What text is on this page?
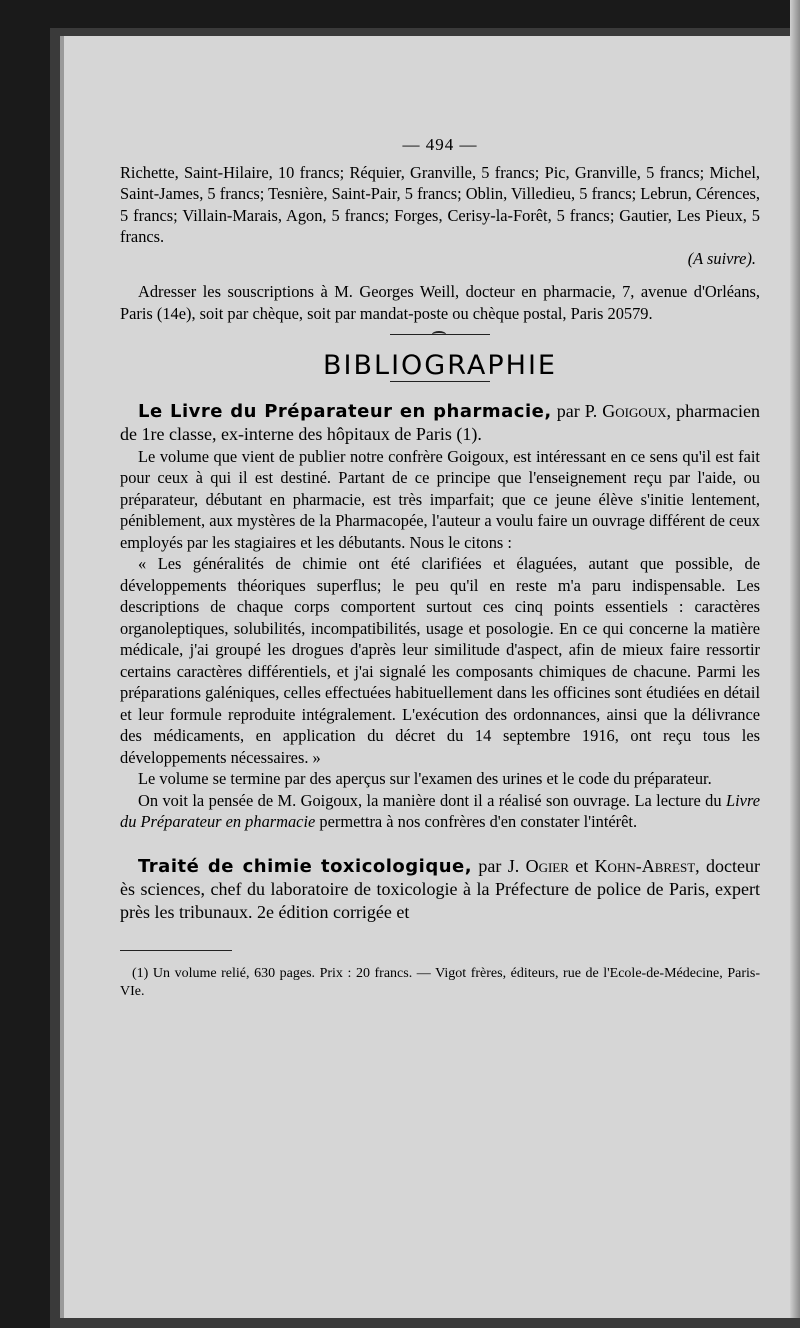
— 494 —

Richette, Saint-Hilaire, 10 francs; Réquier, Granville, 5 francs; Pic, Granville, 5 francs; Michel, Saint-James, 5 francs; Tesnière, Saint-Pair, 5 francs; Oblin, Villedieu, 5 francs; Lebrun, Cérences, 5 francs; Villain-Marais, Agon, 5 francs; Forges, Cerisy-la-Forêt, 5 francs; Gautier, Les Pieux, 5 francs.

(A suivre).

Adresser les souscriptions à M. Georges Weill, docteur en pharmacie, 7, avenue d'Orléans, Paris (14e), soit par chèque, soit par mandat-poste ou chèque postal, Paris 20579.

BIBLIOGRAPHIE

Le Livre du Préparateur en pharmacie, par P. Goigoux, pharmacien de 1re classe, ex-interne des hôpitaux de Paris (1).

Le volume que vient de publier notre confrère Goigoux, est intéressant en ce sens qu'il est fait pour ceux à qui il est destiné. Partant de ce principe que l'enseignement reçu par l'aide, ou préparateur, débutant en pharmacie, est très imparfait; que ce jeune élève s'initie lentement, péniblement, aux mystères de la Pharmacopée, l'auteur a voulu faire un ouvrage différent de ceux employés par les stagiaires et les débutants. Nous le citons :

« Les généralités de chimie ont été clarifiées et élaguées, autant que possible, de développements théoriques superflus; le peu qu'il en reste m'a paru indispensable. Les descriptions de chaque corps comportent surtout ces cinq points essentiels : caractères organoleptiques, solubilités, incompatibilités, usage et posologie. En ce qui concerne la matière médicale, j'ai groupé les drogues d'après leur similitude d'aspect, afin de mieux faire ressortir certains caractères différentiels, et j'ai signalé les composants chimiques de chacune. Parmi les préparations galéniques, celles effectuées habituellement dans les officines sont étudiées en détail et leur formule reproduite intégralement. L'exécution des ordonnances, ainsi que la délivrance des médicaments, en application du décret du 14 septembre 1916, ont reçu tous les développements nécessaires. »

Le volume se termine par des aperçus sur l'examen des urines et le code du préparateur.

On voit la pensée de M. Goigoux, la manière dont il a réalisé son ouvrage. La lecture du Livre du Préparateur en pharmacie permettra à nos confrères d'en constater l'intérêt.

Traité de chimie toxicologique, par J. Ogier et Kohn-Abrest, docteur ès sciences, chef du laboratoire de toxicologie à la Préfecture de police de Paris, expert près les tribunaux. 2e édition corrigée et

(1) Un volume relié, 630 pages. Prix : 20 francs. — Vigot frères, éditeurs, rue de l'Ecole-de-Médecine, Paris-VIe.
